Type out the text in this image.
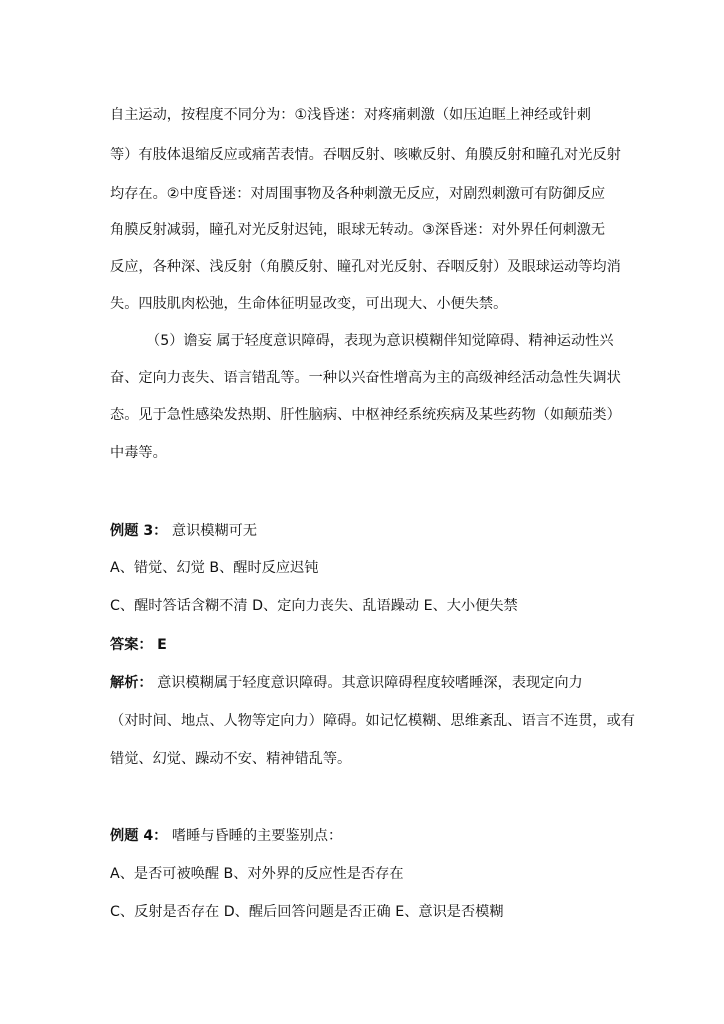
自主运动，按程度不同分为：①浅昏迷：对疼痛刺激（如压迫眶上神经或针刺
等）有肢体退缩反应或痛苦表情。吞咽反射、咳嗽反射、角膜反射和瞳孔对光反射
均存在。②中度昏迷：对周围事物及各种刺激无反应，对剧烈刺激可有防御反应
角膜反射减弱，瞳孔对光反射迟钝，眼球无转动。③深昏迷：对外界任何刺激无
反应，各种深、浅反射（角膜反射、瞳孔对光反射、吞咽反射）及眼球运动等均消
失。四肢肌肉松弛，生命体征明显改变，可出现大、小便失禁。
（5）谵妄 属于轻度意识障碍，表现为意识模糊伴知觉障碍、精神运动性兴
奋、定向力丧失、语言错乱等。一种以兴奋性增高为主的高级神经活动急性失调状
态。见于急性感染发热期、肝性脑病、中枢神经系统疾病及某些药物（如颠茄类）
中毒等。
例题 3： 意识模糊可无
A、错觉、幻觉 B、醒时反应迟钝
C、醒时答话含糊不清 D、定向力丧失、乱语躁动 E、大小便失禁
答案： E
解析： 意识模糊属于轻度意识障碍。其意识障碍程度较嗜睡深，表现定向力
（对时间、地点、人物等定向力）障碍。如记忆模糊、思维紊乱、语言不连贯，或有
错觉、幻觉、躁动不安、精神错乱等。
例题 4： 嗜睡与昏睡的主要鉴别点：
A、是否可被唤醒 B、对外界的反应性是否存在
C、反射是否存在 D、醒后回答问题是否正确 E、意识是否模糊
